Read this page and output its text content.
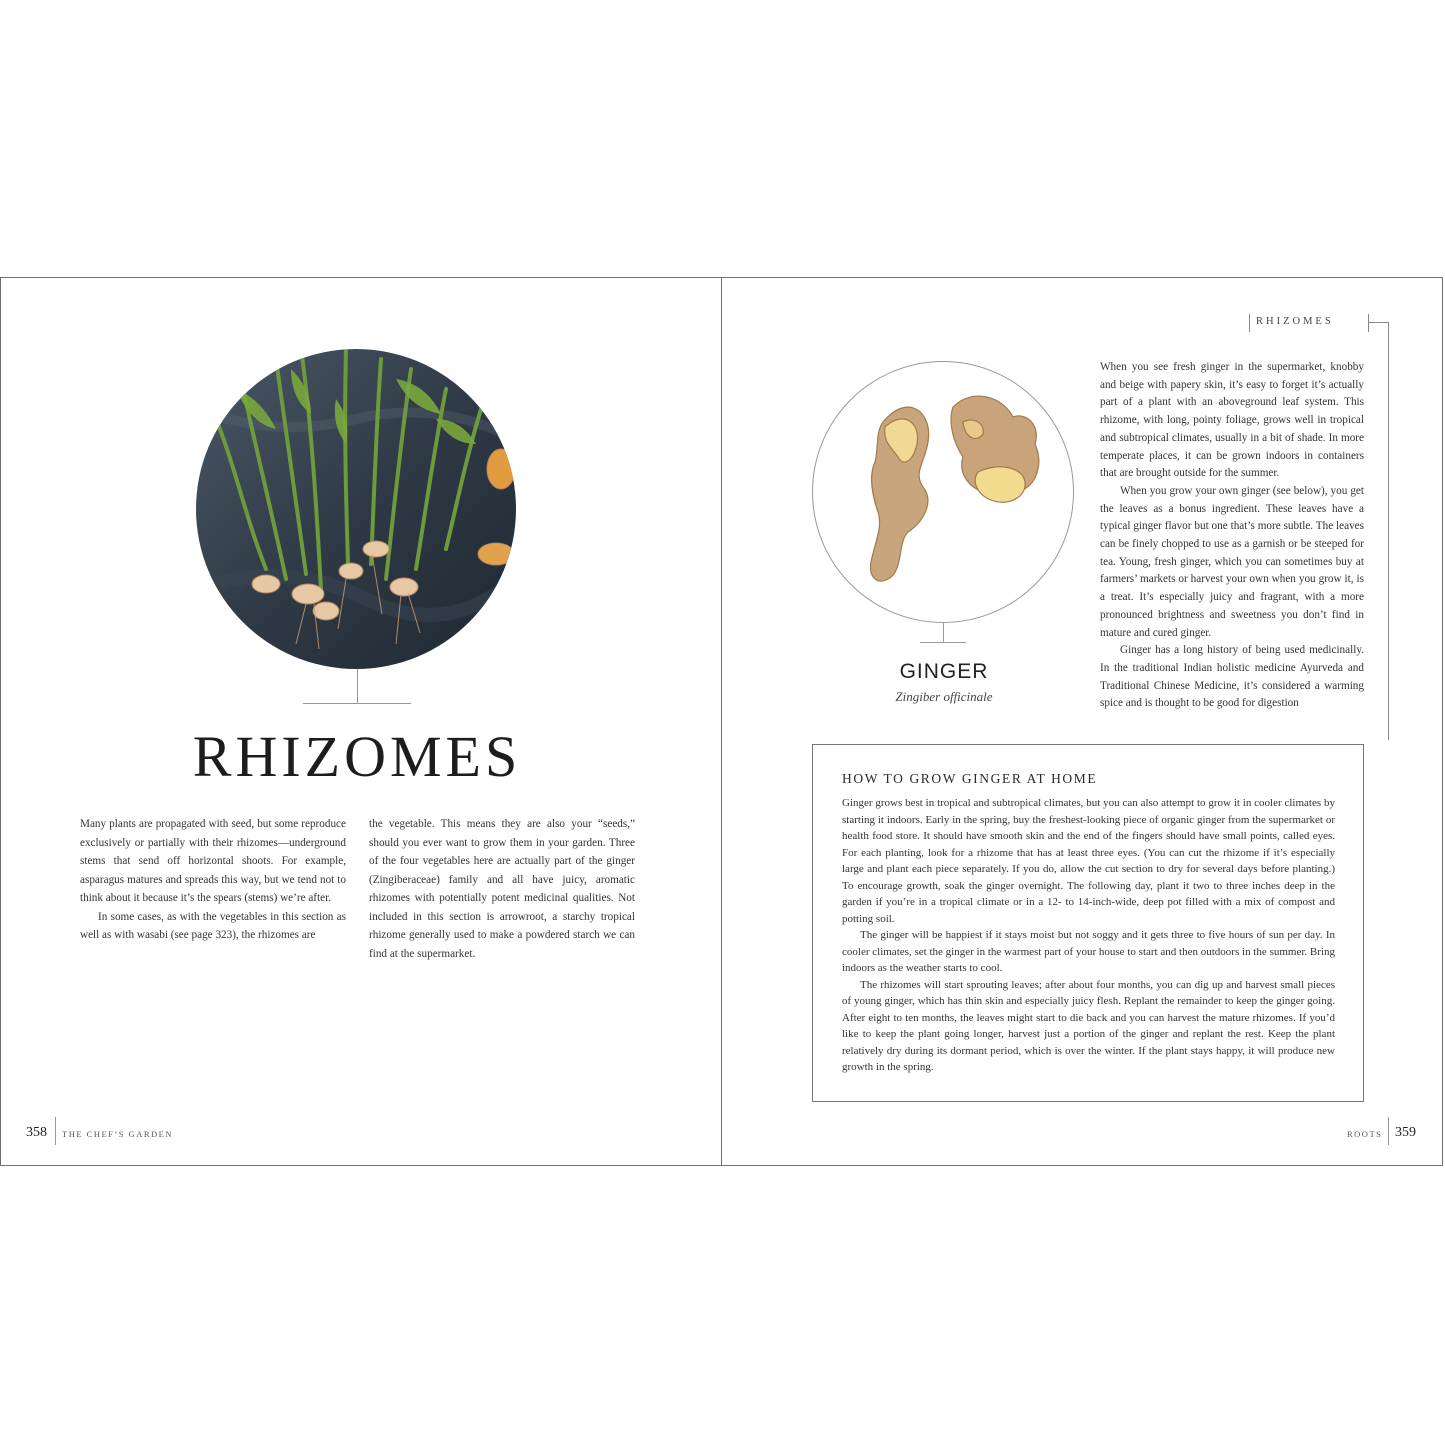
RHIZOMES

Many plants are propagated with seed, but some reproduce exclusively or partially with their rhizomes—underground stems that send off horizontal shoots. For example, asparagus matures and spreads this way, but we tend not to think about it because it’s the spears (stems) we’re after.

In some cases, as with the vegetables in this section as well as with wasabi (see page 323), the rhizomes are

the vegetable. This means they are also your “seeds,” should you ever want to grow them in your garden. Three of the four vegetables here are actually part of the ginger (Zingiberaceae) family and all have juicy, aromatic rhizomes with potentially potent medicinal qualities. Not included in this section is arrowroot, a starchy tropical rhizome generally used to make a powdered starch we can find at the supermarket.

358 THE CHEF’S GARDEN
RHIZOMES
GINGER
Zingiber officinale

When you see fresh ginger in the supermarket, knobby and beige with papery skin, it’s easy to forget it’s actually part of a plant with an aboveground leaf system. This rhizome, with long, pointy foliage, grows well in tropical and subtropical climates, usually in a bit of shade. In more temperate places, it can be grown indoors in containers that are brought outside for the summer.

When you grow your own ginger (see below), you get the leaves as a bonus ingredient. These leaves have a typical ginger flavor but one that’s more subtle. The leaves can be finely chopped to use as a garnish or be steeped for tea. Young, fresh ginger, which you can sometimes buy at farmers’ markets or harvest your own when you grow it, is a treat. It’s especially juicy and fragrant, with a more pronounced brightness and sweetness you don’t find in mature and cured ginger.

Ginger has a long history of being used medicinally. In the traditional Indian holistic medicine Ayurveda and Traditional Chinese Medicine, it’s considered a warming spice and is thought to be good for digestion

HOW TO GROW GINGER AT HOME

Ginger grows best in tropical and subtropical climates, but you can also attempt to grow it in cooler climates by starting it indoors. Early in the spring, buy the freshest-looking piece of organic ginger from the supermarket or health food store. It should have smooth skin and the end of the fingers should have small points, called eyes. For each planting, look for a rhizome that has at least three eyes. (You can cut the rhizome if it’s especially large and plant each piece separately. If you do, allow the cut section to dry for several days before planting.) To encourage growth, soak the ginger overnight. The following day, plant it two to three inches deep in the garden if you’re in a tropical climate or in a 12- to 14-inch-wide, deep pot filled with a mix of compost and potting soil.

The ginger will be happiest if it stays moist but not soggy and it gets three to five hours of sun per day. In cooler climates, set the ginger in the warmest part of your house to start and then outdoors in the summer. Bring indoors as the weather starts to cool.

The rhizomes will start sprouting leaves; after about four months, you can dig up and harvest small pieces of young ginger, which has thin skin and especially juicy flesh. Replant the remainder to keep the ginger going. After eight to ten months, the leaves might start to die back and you can harvest the mature rhizomes. If you’d like to keep the plant going longer, harvest just a portion of the ginger and replant the rest. Keep the plant relatively dry during its dormant period, which is over the winter. If the plant stays happy, it will produce new growth in the spring.

ROOTS 359
